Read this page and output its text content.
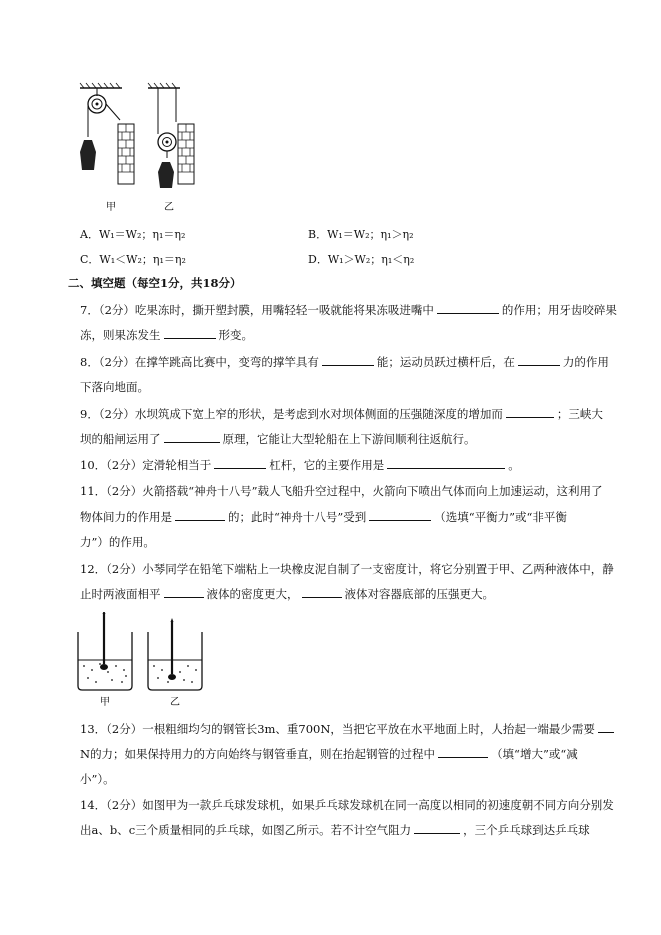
甲	乙
A．W₁＝W₂；η₁＝η₂	B．W₁＝W₂；η₁＞η₂
C．W₁＜W₂；η₁＝η₂	D．W₁＞W₂；η₁＜η₂
二、填空题（每空1分，共18分）
7．（2分）吃果冻时，撕开塑封膜，用嘴轻轻一吸就能将果冻吸进嘴中	的作用；用牙齿咬碎果
冻，则果冻发生	形变。
8．（2分）在撑竿跳高比赛中，变弯的撑竿具有	能；运动员跃过横杆后，在	力的作用
下落向地面。
9．（2分）水坝筑成下宽上窄的形状，是考虑到水对坝体侧面的压强随深度的增加而	；三峡大
坝的船闸运用了	原理，它能让大型轮船在上下游间顺利往返航行。
10．（2分）定滑轮相当于	杠杆，它的主要作用是	。
11．（2分）火箭搭载“神舟十八号”载人飞船升空过程中，火箭向下喷出气体而向上加速运动，这利用了
物体间力的作用是	的；此时“神舟十八号”受到	（选填“平衡力”或“非平衡
力”）的作用。
12．（2分）小琴同学在铅笔下端粘上一块橡皮泥自制了一支密度计，将它分别置于甲、乙两种液体中，静
止时两液面相平	液体的密度更大，	液体对容器底部的压强更大。
甲	乙
13．（2分）一根粗细均匀的钢管长3m、重700N，当把它平放在水平地面上时，人抬起一端最少需要
N的力；如果保持用力的方向始终与钢管垂直，则在抬起钢管的过程中	（填“增大”或“减
小”）。
14．（2分）如图甲为一款乒乓球发球机，如果乒乓球发球机在同一高度以相同的初速度朝不同方向分别发
出a、b、c三个质量相同的乒乓球，如图乙所示。若不计空气阻力	，三个乒乓球到达乒乓球
